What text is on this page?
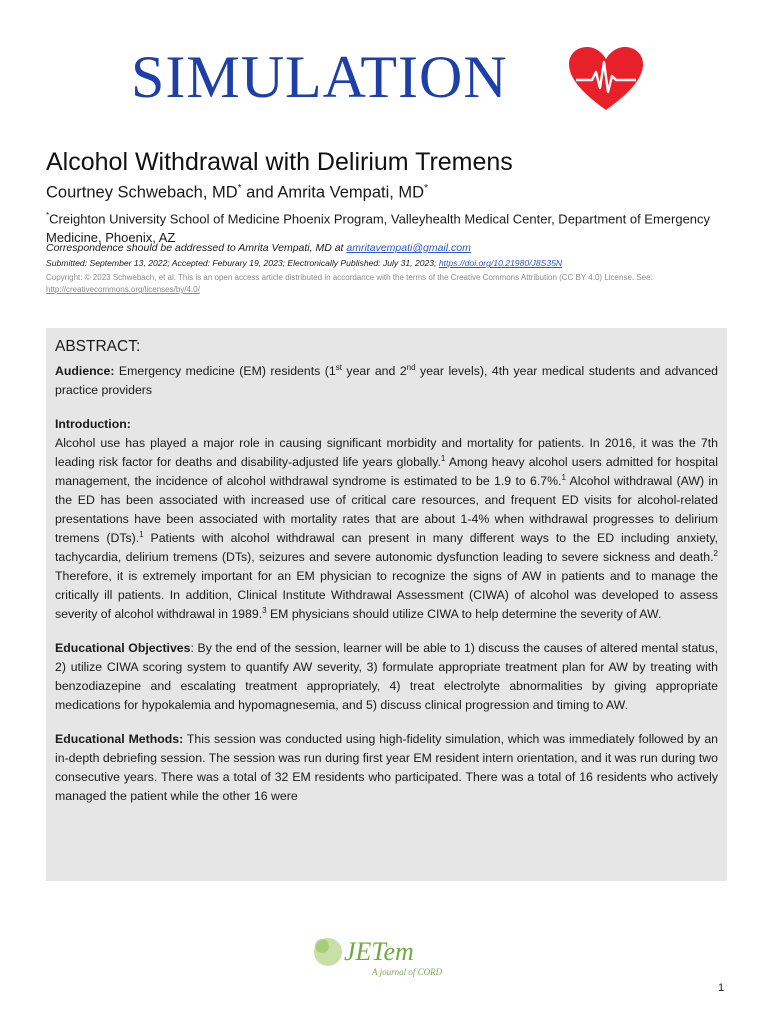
SIMULATION
Alcohol Withdrawal with Delirium Tremens
Courtney Schwebach, MD* and Amrita Vempati, MD*
*Creighton University School of Medicine Phoenix Program, Valleyhealth Medical Center, Department of Emergency Medicine, Phoenix, AZ
Correspondence should be addressed to Amrita Vempati, MD at amritavempati@gmail.com
Submitted: September 13, 2022; Accepted: Feburary 19, 2023; Electronically Published: July 31, 2023; https://doi.org/10.21980/J8S35N
Copyright: © 2023 Schwebach, et al. This is an open access article distributed in accordance with the terms of the Creative Commons Attribution (CC BY 4.0) License. See: http://creativecommons.org/licenses/by/4.0/
ABSTRACT:

Audience: Emergency medicine (EM) residents (1st year and 2nd year levels), 4th year medical students and advanced practice providers

Introduction:
Alcohol use has played a major role in causing significant morbidity and mortality for patients. In 2016, it was the 7th leading risk factor for deaths and disability-adjusted life years globally.$^1$ Among heavy alcohol users admitted for hospital management, the incidence of alcohol withdrawal syndrome is estimated to be 1.9 to 6.7%.$^1$ Alcohol withdrawal (AW) in the ED has been associated with increased use of critical care resources, and frequent ED visits for alcohol-related presentations have been associated with mortality rates that are about 1-4% when withdrawal progresses to delirium tremens (DTs).$^1$ Patients with alcohol withdrawal can present in many different ways to the ED including anxiety, tachycardia, delirium tremens (DTs), seizures and severe autonomic dysfunction leading to severe sickness and death.$^2$ Therefore, it is extremely important for an EM physician to recognize the signs of AW in patients and to manage the critically ill patients. In addition, Clinical Institute Withdrawal Assessment (CIWA) of alcohol was developed to assess severity of alcohol withdrawal in 1989.$^3$ EM physicians should utilize CIWA to help determine the severity of AW.

Educational Objectives: By the end of the session, learner will be able to 1) discuss the causes of altered mental status, 2) utilize CIWA scoring system to quantify AW severity, 3) formulate appropriate treatment plan for AW by treating with benzodiazepine and escalating treatment appropriately, 4) treat electrolyte abnormalities by giving appropriate medications for hypokalemia and hypomagnesemia, and 5) discuss clinical progression and timing to AW.

Educational Methods: This session was conducted using high-fidelity simulation, which was immediately followed by an in-depth debriefing session. The session was run during first year EM resident intern orientation, and it was run during two consecutive years. There was a total of 32 EM residents who participated. There was a total of 16 residents who actively managed the patient while the other 16 were

JETem
A journal of CORD
1
